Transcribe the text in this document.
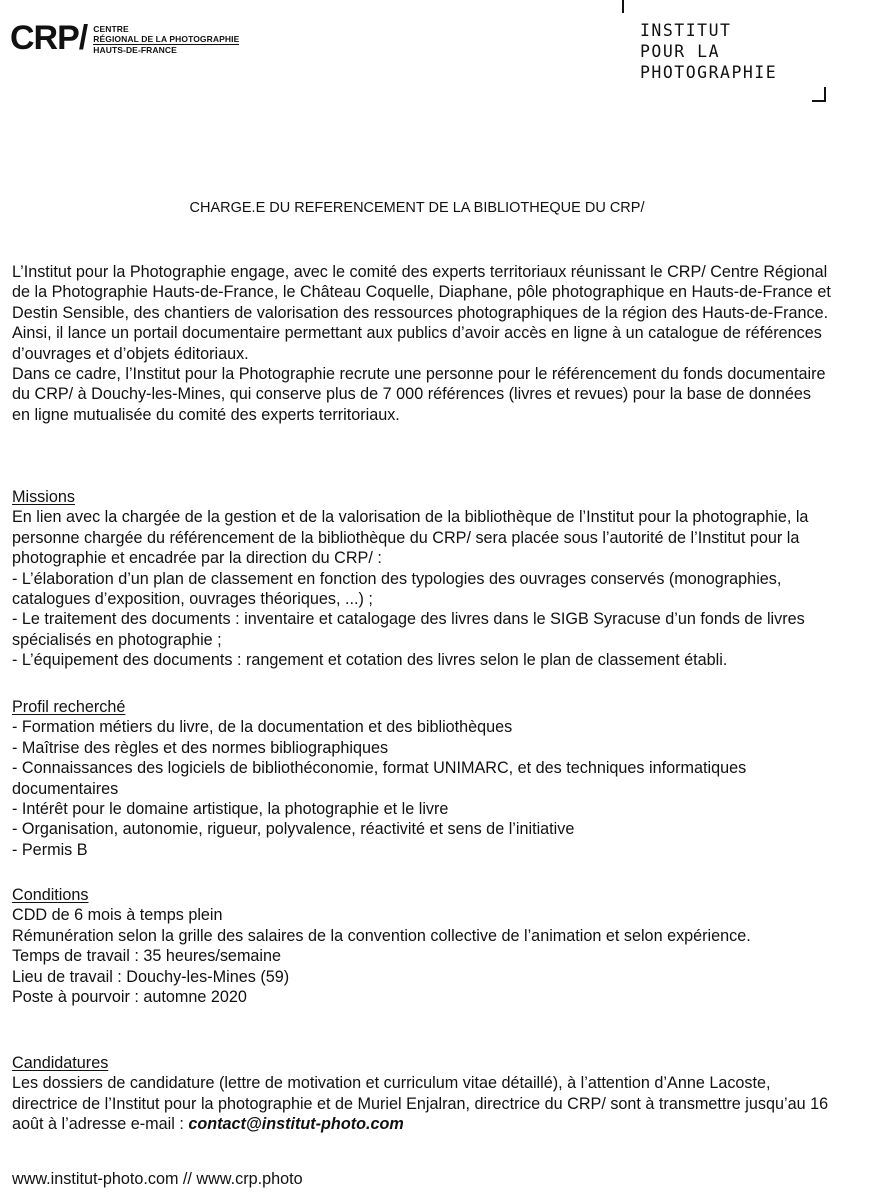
CRP/ CENTRE
RÉGIONAL DE LA PHOTOGRAPHIE
HAUTS-DE-FRANCE
INSTITUT
POUR LA
PHOTOGRAPHIE
CHARGE.E DU REFERENCEMENT DE LA BIBLIOTHEQUE DU CRP/

L’Institut pour la Photographie engage, avec le comité des experts territoriaux réunissant le CRP/ Centre Régional de la Photographie Hauts-de-France, le Château Coquelle, Diaphane, pôle photographique en Hauts-de-France et Destin Sensible, des chantiers de valorisation des ressources photographiques de la région des Hauts-de-France.

Ainsi, il lance un portail documentaire permettant aux publics d’avoir accès en ligne à un catalogue de références d’ouvrages et d’objets éditoriaux.

Dans ce cadre, l’Institut pour la Photographie recrute une personne pour le référencement du fonds documentaire du CRP/ à Douchy-les-Mines, qui conserve plus de 7 000 références (livres et revues) pour la base de données en ligne mutualisée du comité des experts territoriaux.

Missions

En lien avec la chargée de la gestion et de la valorisation de la bibliothèque de l’Institut pour la photographie, la personne chargée du référencement de la bibliothèque du CRP/ sera placée sous l’autorité de l’Institut pour la photographie et encadrée par la direction du CRP/ :

- L’élaboration d’un plan de classement en fonction des typologies des ouvrages conservés (monographies, catalogues d’exposition, ouvrages théoriques, ...) ;

- Le traitement des documents : inventaire et catalogage des livres dans le SIGB Syracuse d’un fonds de livres spécialisés en photographie ;

- L’équipement des documents : rangement et cotation des livres selon le plan de classement établi.

Profil recherché

- Formation métiers du livre, de la documentation et des bibliothèques

- Maîtrise des règles et des normes bibliographiques

- Connaissances des logiciels de bibliothéconomie, format UNIMARC, et des techniques informatiques documentaires

- Intérêt pour le domaine artistique, la photographie et le livre

- Organisation, autonomie, rigueur, polyvalence, réactivité et sens de l’initiative

- Permis B

Conditions

CDD de 6 mois à temps plein

Rémunération selon la grille des salaires de la convention collective de l’animation et selon expérience.

Temps de travail : 35 heures/semaine

Lieu de travail : Douchy-les-Mines (59)

Poste à pourvoir : automne 2020

Candidatures

Les dossiers de candidature (lettre de motivation et curriculum vitae détaillé), à l’attention d’Anne Lacoste, directrice de l’Institut pour la photographie et de Muriel Enjalran, directrice du CRP/ sont à transmettre jusqu’au 16 août à l’adresse e-mail : contact@institut-photo.com

www.institut-photo.com // www.crp.photo
